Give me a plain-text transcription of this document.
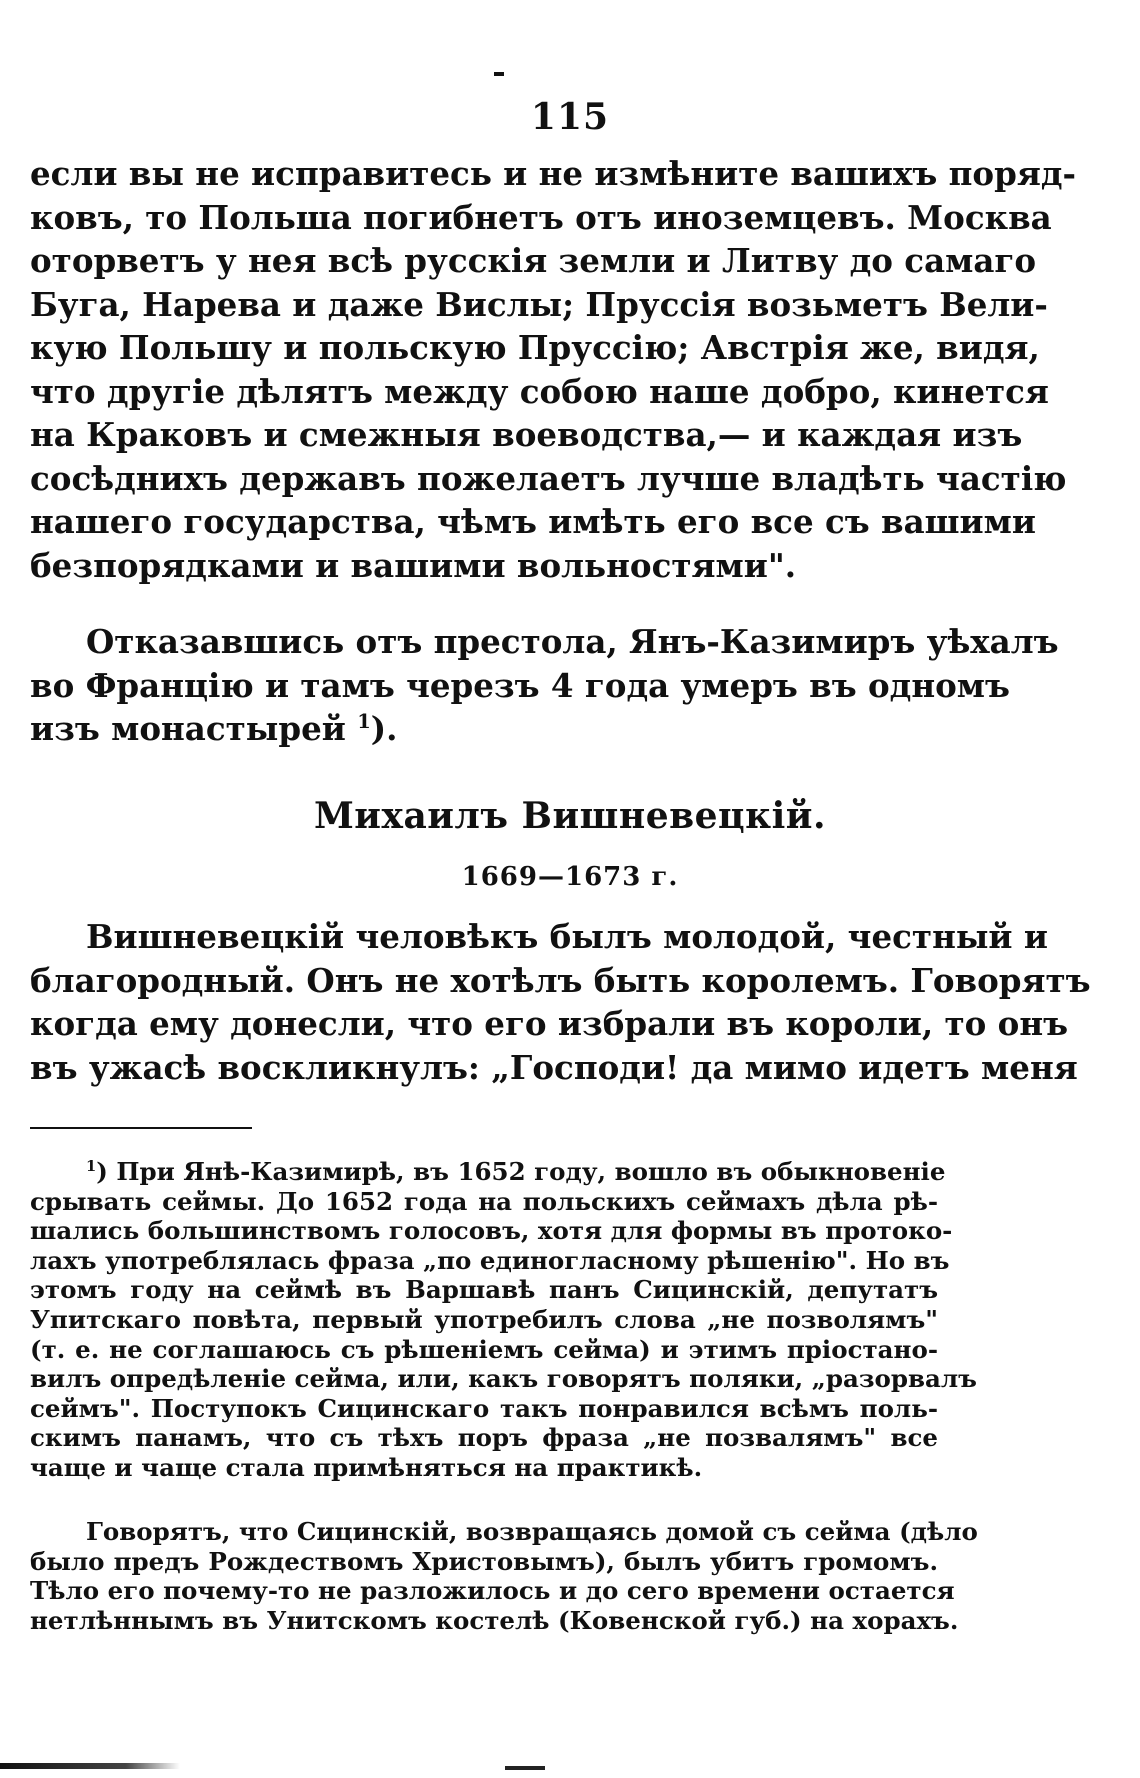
115
если вы не исправитесь и не измѣните вашихъ поряд-
ковъ, то Польша погибнетъ отъ иноземцевъ. Москва
оторветъ у нея всѣ русскія земли и Литву до самаго
Буга, Нарева и даже Вислы; Пруссія возьметъ Вели-
кую Польшу и польскую Пруссію; Австрія же, видя,
что другіе дѣлятъ между собою наше добро, кинется
на Краковъ и смежныя воеводства,— и каждая изъ
сосѣднихъ державъ пожелаетъ лучше владѣть частію
нашего государства, чѣмъ имѣть его все съ вашими
безпорядками и вашими вольностями".
Отказавшись отъ престола, Янъ-Казимиръ уѣхалъ
во Францію и тамъ черезъ 4 года умеръ въ одномъ
изъ монастырей $^1$).
Михаилъ Вишневецкій.
1669—1673 г.
Вишневецкій человѣкъ былъ молодой, честный и
благородный. Онъ не хотѣлъ быть королемъ. Говорятъ
когда ему донесли, что его избрали въ короли, то онъ
въ ужасѣ воскликнулъ: „Господи! да мимо идетъ меня
$^1$) При Янѣ-Казимирѣ, въ 1652 году, вошло въ обыкновеніе
срывать сеймы. До 1652 года на польскихъ сеймахъ дѣла рѣ-
шались большинствомъ голосовъ, хотя для формы въ протоко-
лахъ употреблялась фраза „по единогласному рѣшенію". Но въ
этомъ году на сеймѣ въ Варшавѣ панъ Сицинскій, депутатъ
Упитскаго повѣта, первый употребилъ слова „не позволямъ"
(т. е. не соглашаюсь съ рѣшеніемъ сейма) и этимъ пріостано-
вилъ опредѣленіе сейма, или, какъ говорятъ поляки, „разорвалъ
сеймъ". Поступокъ Сицинскаго такъ понравился всѣмъ поль-
скимъ панамъ, что съ тѣхъ поръ фраза „не позвалямъ" все
чаще и чаще стала примѣняться на практикѣ.
Говорятъ, что Сицинскій, возвращаясь домой съ сейма (дѣло
было предъ Рождествомъ Христовымъ), былъ убитъ громомъ.
Тѣло его почему-то не разложилось и до сего времени остается
нетлѣннымъ въ Унитскомъ костелѣ (Ковенской губ.) на хорахъ.
